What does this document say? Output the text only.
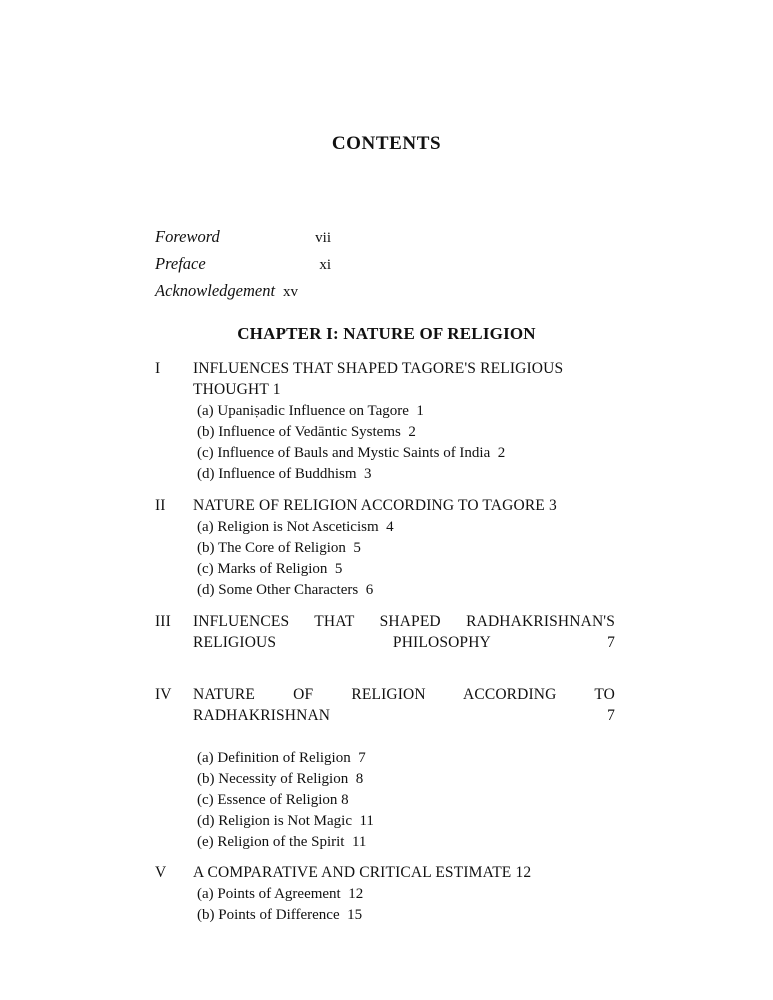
CONTENTS
Foreword	vii
Preface	xi
Acknowledgement xv
CHAPTER I: NATURE OF RELIGION
I	INFLUENCES THAT SHAPED TAGORE'S RELIGIOUS THOUGHT 1
(a) Upaniṣadic Influence on Tagore  1
(b) Influence of Vedāntic Systems  2
(c) Influence of Bauls and Mystic Saints of India  2
(d) Influence of Buddhism  3
II	NATURE OF RELIGION ACCORDING TO TAGORE 3
(a) Religion is Not Asceticism  4
(b) The Core of Religion  5
(c) Marks of Religion  5
(d) Some Other Characters  6
III	INFLUENCES THAT SHAPED RADHAKRISHNAN'S RELIGIOUS PHILOSOPHY 7
IV	NATURE OF RELIGION ACCORDING TO RADHAKRISHNAN 7
(a) Definition of Religion  7
(b) Necessity of Religion  8
(c) Essence of Religion 8
(d) Religion is Not Magic  11
(e) Religion of the Spirit  11
V	A COMPARATIVE AND CRITICAL ESTIMATE 12
(a) Points of Agreement  12
(b) Points of Difference  15
